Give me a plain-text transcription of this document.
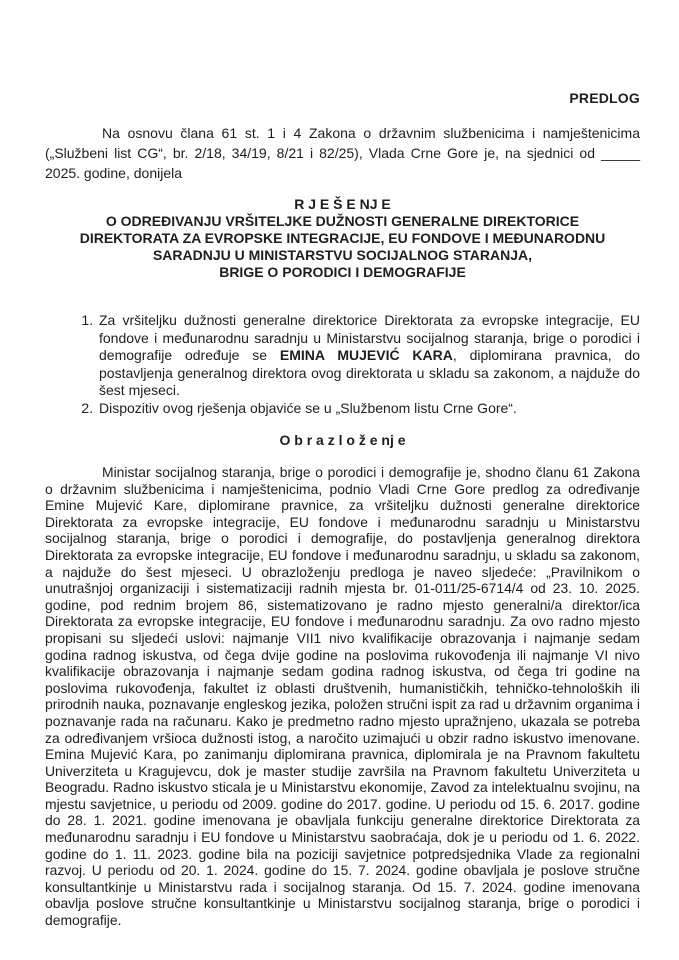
PREDLOG

Na osnovu člana 61 st. 1 i 4 Zakona o državnim službenicima i namještenicima („Službeni list CG“, br. 2/18, 34/19, 8/21 i 82/25), Vlada Crne Gore je, na sjednici od _____ 2025. godine, donijela

R J E Š E NJ E
O ODREĐIVANJU VRŠITELJKE DUŽNOSTI GENERALNE DIREKTORICE
DIREKTORATA ZA EVROPSKE INTEGRACIJE, EU FONDOVE I MEĐUNARODNU
SARADNJU U MINISTARSTVU SOCIJALNOG STARANJA,
BRIGE O PORODICI I DEMOGRAFIJE
1. Za vršiteljku dužnosti generalne direktorice Direktorata za evropske integracije, EU fondove i međunarodnu saradnju u Ministarstvu socijalnog staranja, brige o porodici i demografije određuje se EMINA MUJEVIĆ KARA, diplomirana pravnica, do postavljenja generalnog direktora ovog direktorata u skladu sa zakonom, a najduže do šest mjeseci.
2. Dispozitiv ovog rješenja objaviće se u „Službenom listu Crne Gore“.
O b r a z l o ž e nj e

Ministar socijalnog staranja, brige o porodici i demografije je, shodno članu 61 Zakona o državnim službenicima i namještenicima, podnio Vladi Crne Gore predlog za određivanje Emine Mujević Kare, diplomirane pravnice, za vršiteljku dužnosti generalne direktorice Direktorata za evropske integracije, EU fondove i međunarodnu saradnju u Ministarstvu socijalnog staranja, brige o porodici i demografije, do postavljenja generalnog direktora Direktorata za evropske integracije, EU fondove i međunarodnu saradnju, u skladu sa zakonom, a najduže do šest mjeseci. U obrazloženju predloga je naveo sljedeće: „Pravilnikom o unutrašnjoj organizaciji i sistematizaciji radnih mjesta br. 01-011/25-6714/4 od 23. 10. 2025. godine, pod rednim brojem 86, sistematizovano je radno mjesto generalni/a direktor/ica Direktorata za evropske integracije, EU fondove i međunarodnu saradnju. Za ovo radno mjesto propisani su sljedeći uslovi: najmanje VII1 nivo kvalifikacije obrazovanja i najmanje sedam godina radnog iskustva, od čega dvije godine na poslovima rukovođenja ili najmanje VI nivo kvalifikacije obrazovanja i najmanje sedam godina radnog iskustva, od čega tri godine na poslovima rukovođenja, fakultet iz oblasti društvenih, humanističkih, tehničko-tehnoloških ili prirodnih nauka, poznavanje engleskog jezika, položen stručni ispit za rad u državnim organima i poznavanje rada na računaru. Kako je predmetno radno mjesto upražnjeno, ukazala se potreba za određivanjem vršioca dužnosti istog, a naročito uzimajući u obzir radno iskustvo imenovane. Emina Mujević Kara, po zanimanju diplomirana pravnica, diplomirala je na Pravnom fakultetu Univerziteta u Kragujevcu, dok je master studije završila na Pravnom fakultetu Univerziteta u Beogradu. Radno iskustvo sticala je u Ministarstvu ekonomije, Zavod za intelektualnu svojinu, na mjestu savjetnice, u periodu od 2009. godine do 2017. godine. U periodu od 15. 6. 2017. godine do 28. 1. 2021. godine imenovana je obavljala funkciju generalne direktorice Direktorata za međunarodnu saradnju i EU fondove u Ministarstvu saobraćaja, dok je u periodu od 1. 6. 2022. godine do 1. 11. 2023. godine bila na poziciji savjetnice potpredsjednika Vlade za regionalni razvoj. U periodu od 20. 1. 2024. godine do 15. 7. 2024. godine obavljala je poslove stručne konsultantkinje u Ministarstvu rada i socijalnog staranja. Od 15. 7. 2024. godine imenovana obavlja poslove stručne konsultantkinje u Ministarstvu socijalnog staranja, brige o porodici i demografije.
